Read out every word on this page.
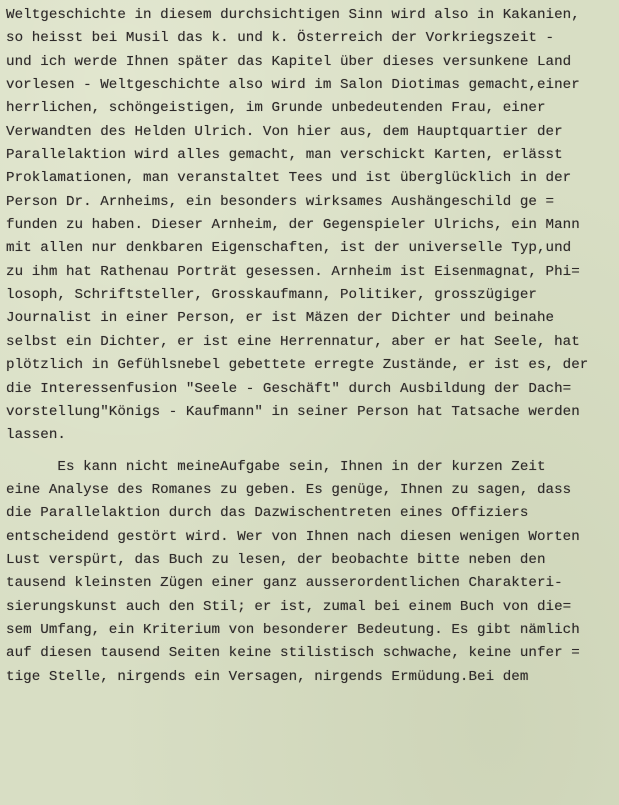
Weltgeschichte in diesem durchsichtigen Sinn wird also in Kakanien,
so heisst bei Musil das k. und k. Österreich der Vorkriegszeit -
und ich werde Ihnen später das Kapitel über dieses versunkene Land
vorlesen - Weltgeschichte also wird im Salon Diotimas gemacht,einer
herrlichen, schöngeistigen, im Grunde unbedeutenden Frau, einer
Verwandten des Helden Ulrich. Von hier aus, dem Hauptquartier der
Parallelaktion wird alles gemacht, man verschickt Karten, erlässt
Proklamationen, man veranstaltet Tees und ist überglücklich in der
Person Dr. Arnheims, ein besonders wirksames Aushängeschild ge =
funden zu haben. Dieser Arnheim, der Gegenspieler Ulrichs, ein Mann
mit allen nur denkbaren Eigenschaften, ist der universelle Typ,und
zu ihm hat Rathenau Porträt gesessen. Arnheim ist Eisenmagnat, Phi=
losoph, Schriftsteller, Grosskaufmann, Politiker, grosszügiger
Journalist in einer Person, er ist Mäzen der Dichter und beinahe
selbst ein Dichter, er ist eine Herrennatur, aber er hat Seele, hat
plötzlich in Gefühlsnebel gebettete erregte Zustände, er ist es, der
die Interessenfusion "Seele - Geschäft" durch Ausbildung der Dach=
vorstellung"Königs - Kaufmann" in seiner Person hat Tatsache werden
lassen.
Es kann nicht meineAufgabe sein, Ihnen in der kurzen Zeit
eine Analyse des Romanes zu geben. Es genüge, Ihnen zu sagen, dass
die Parallelaktion durch das Dazwischentreten eines Offiziers
entscheidend gestört wird. Wer von Ihnen nach diesen wenigen Worten
Lust verspürt, das Buch zu lesen, der beobachte bitte neben den
tausend kleinsten Zügen einer ganz ausserordentlichen Charakteri-
sierungskunst auch den Stil; er ist, zumal bei einem Buch von die=
sem Umfang, ein Kriterium von besonderer Bedeutung. Es gibt nämlich
auf diesen tausend Seiten keine stilistisch schwache, keine unfer =
tige Stelle, nirgends ein Versagen, nirgends Ermüdung.Bei dem
